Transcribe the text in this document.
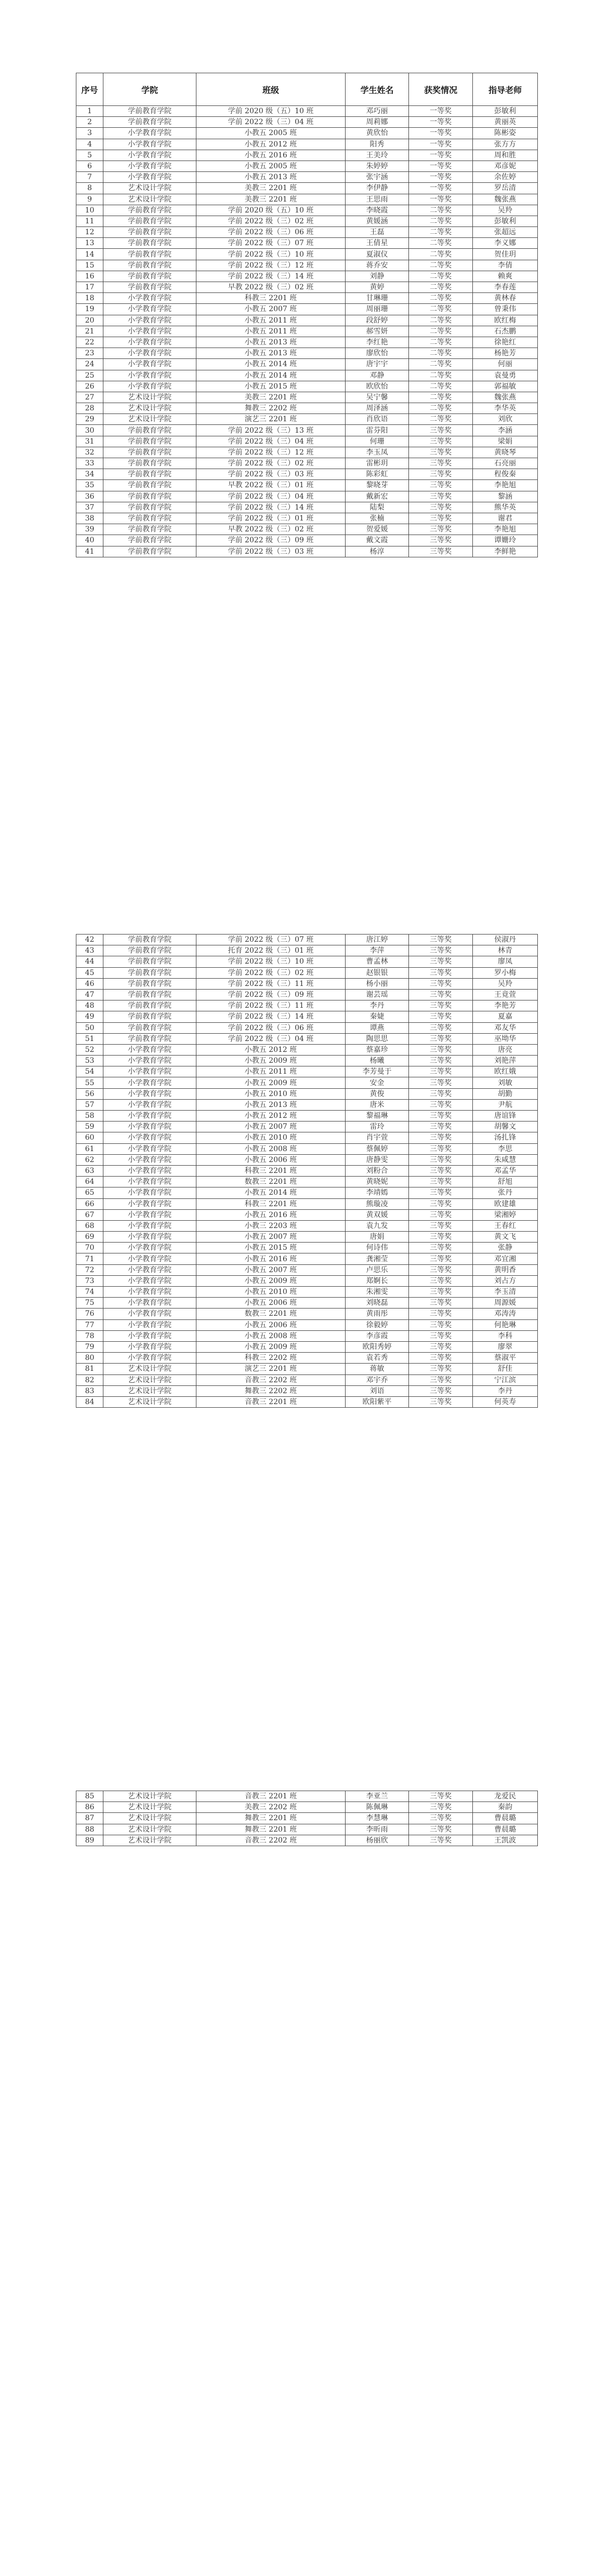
序号	学院	班级	学生姓名	获奖情况	指导老师
1	学前教育学院	学前 2020 级（五）10 班	邓巧丽	一等奖	彭敏利
2	学前教育学院	学前 2022 级（三）04 班	周莉娜	一等奖	黄丽英
3	小学教育学院	小教五 2005 班	黄欣怡	一等奖	陈彬姿
4	小学教育学院	小教五 2012 班	阳秀	一等奖	张方方
5	小学教育学院	小教五 2016 班	王美玲	一等奖	周和胜
6	小学教育学院	小教五 2005 班	朱婷婷	一等奖	邓彦妮
7	小学教育学院	小教五 2013 班	张宇涵	一等奖	余佐婷
8	艺术设计学院	美教三 2201 班	李伊静	一等奖	罗岳清
9	艺术设计学院	美教三 2201 班	王思雨	一等奖	魏张燕
10	学前教育学院	学前 2020 级（五）10 班	李晓霞	二等奖	吴羚
11	学前教育学院	学前 2022 级（三）02 班	黄媛涵	二等奖	彭敏利
12	学前教育学院	学前 2022 级（三）06 班	王磊	二等奖	张超远
13	学前教育学院	学前 2022 级（三）07 班	王倩星	二等奖	李义娜
14	学前教育学院	学前 2022 级（三）10 班	夏淑仪	二等奖	贺佳玥
15	学前教育学院	学前 2022 级（三）12 班	蒋乔安	二等奖	李倩
16	学前教育学院	学前 2022 级（三）14 班	刘静	二等奖	赖爽
17	学前教育学院	早教 2022 级（三）02 班	黄婷	二等奖	李春莲
18	小学教育学院	科教三 2201 班	甘琳珊	二等奖	黄林春
19	小学教育学院	小教五 2007 班	周丽珊	二等奖	曾秉伟
20	小学教育学院	小教五 2011 班	段舒婷	二等奖	欧红梅
21	小学教育学院	小教五 2011 班	郝雪妍	二等奖	石杰鹏
22	小学教育学院	小教五 2013 班	李红艳	二等奖	徐艳红
23	小学教育学院	小教五 2013 班	廖欣怡	二等奖	杨艳芳
24	小学教育学院	小教五 2014 班	唐宇宇	二等奖	何丽
25	小学教育学院	小教五 2014 班	邓静	二等奖	袁曼勇
26	小学教育学院	小教五 2015 班	欧欣怡	二等奖	郭福敏
27	艺术设计学院	美教三 2201 班	吴宁馨	二等奖	魏张燕
28	艺术设计学院	舞教三 2202 班	周泽涵	二等奖	李华英
29	艺术设计学院	演艺三 2201 班	肖欣语	二等奖	刘欣
30	学前教育学院	学前 2022 级（三）13 班	雷芬阳	三等奖	李涵
31	学前教育学院	学前 2022 级（三）04 班	何珊	三等奖	梁娟
32	学前教育学院	学前 2022 级（三）12 班	李玉凤	三等奖	黄晓琴
33	学前教育学院	学前 2022 级（三）02 班	雷彬玥	三等奖	石亮丽
34	学前教育学院	学前 2022 级（三）03 班	陈彩虹	三等奖	程俊秦
35	学前教育学院	早教 2022 级（三）01 班	黎晓芽	三等奖	李艳旭
36	学前教育学院	学前 2022 级（三）04 班	戴新宏	三等奖	黎涵
37	学前教育学院	学前 2022 级（三）14 班	陆梨	三等奖	熊华英
38	学前教育学院	学前 2022 级（三）01 班	张楠	三等奖	谢君
39	学前教育学院	早教 2022 级（三）02 班	贺爱媛	三等奖	李艳旭
40	学前教育学院	学前 2022 级（三）09 班	戴文霞	三等奖	谭姗玲
41	学前教育学院	学前 2022 级（三）03 班	杨淳	三等奖	李鲜艳
42	学前教育学院	学前 2022 级（三）07 班	唐江婷	三等奖	侯淑丹
43	学前教育学院	托育 2022 级（三）01 班	李萍	三等奖	林青
44	学前教育学院	学前 2022 级（三）10 班	曹孟林	三等奖	廖凤
45	学前教育学院	学前 2022 级（三）02 班	赵银银	三等奖	罗小梅
46	学前教育学院	学前 2022 级（三）11 班	杨小丽	三等奖	吴羚
47	学前教育学院	学前 2022 级（三）09 班	谢芸瑶	三等奖	王竟萱
48	学前教育学院	学前 2022 级（三）11 班	李丹	三等奖	李艳芳
49	学前教育学院	学前 2022 级（三）14 班	秦婕	三等奖	夏嘉
50	学前教育学院	学前 2022 级（三）06 班	谭燕	三等奖	邓友华
51	学前教育学院	学前 2022 级（三）04 班	陶思思	三等奖	巫坳华
52	小学教育学院	小教五 2012 班	蔡嘉珍	三等奖	唐亮
53	小学教育学院	小教五 2009 班	杨曦	三等奖	刘艳萍
54	小学教育学院	小教五 2011 班	李芳曼于	三等奖	欧红娥
55	小学教育学院	小教五 2009 班	安金	三等奖	刘敏
56	小学教育学院	小教五 2010 班	黄俊	三等奖	胡勤
57	小学教育学院	小教五 2013 班	唐米	三等奖	尹航
58	小学教育学院	小教五 2012 班	黎福琳	三等奖	唐谊锋
59	小学教育学院	小教五 2007 班	雷玲	三等奖	胡馨文
60	小学教育学院	小教五 2010 班	肖宇萱	三等奖	汤扎锋
61	小学教育学院	小教五 2008 班	蔡佩婷	三等奖	李思
62	小学教育学院	小教五 2006 班	唐静雯	三等奖	朱咸慧
63	小学教育学院	科教三 2201 班	刘粉合	三等奖	邓孟华
64	小学教育学院	数教三 2201 班	黄晓妮	三等奖	舒旭
65	小学教育学院	小教五 2014 班	李靖嫣	三等奖	张丹
66	小学教育学院	科教三 2201 班	熊璇凌	三等奖	欧建雄
67	小学教育学院	小教五 2016 班	黄双媛	三等奖	梁湘婷
68	小学教育学院	小教三 2203 班	袁九发	三等奖	王春红
69	小学教育学院	小教五 2007 班	唐娟	三等奖	黄文飞
70	小学教育学院	小教五 2015 班	何诗伟	三等奖	张静
71	小学教育学院	小教五 2016 班	龚湘莹	三等奖	邓宜湘
72	小学教育学院	小教五 2007 班	卢思乐	三等奖	黄明香
73	小学教育学院	小教五 2009 班	郑婀长	三等奖	刘占方
74	小学教育学院	小教五 2010 班	朱湘雯	三等奖	李玉清
75	小学教育学院	小教五 2006 班	刘晓磊	三等奖	周源媛
76	小学教育学院	数教三 2201 班	黄雨彤	三等奖	邓涛涛
77	小学教育学院	小教五 2006 班	徐毅婷	三等奖	何艳琳
78	小学教育学院	小教五 2008 班	李彦霞	三等奖	李科
79	小学教育学院	小教五 2009 班	欧阳秀婷	三等奖	廖翠
80	小学教育学院	科教三 2202 班	袁若秀	三等奖	蔡淑平
81	艺术设计学院	演艺三 2201 班	蒋敏	三等奖	舒佳
82	艺术设计学院	音教三 2202 班	邓宇乔	三等奖	宁江滨
83	艺术设计学院	舞教三 2202 班	刘语	三等奖	李丹
84	艺术设计学院	音教三 2201 班	欧阳紫平	三等奖	何英寿
85	艺术设计学院	音教三 2201 班	李亚兰	三等奖	龙爱民
86	艺术设计学院	美教三 2202 班	陈佩琳	三等奖	秦韵
87	艺术设计学院	舞教三 2201 班	李慧琳	三等奖	曹晨璐
88	艺术设计学院	舞教三 2201 班	李昕雨	三等奖	曹晨璐
89	艺术设计学院	音教三 2202 班	杨丽欣	三等奖	王凯波
